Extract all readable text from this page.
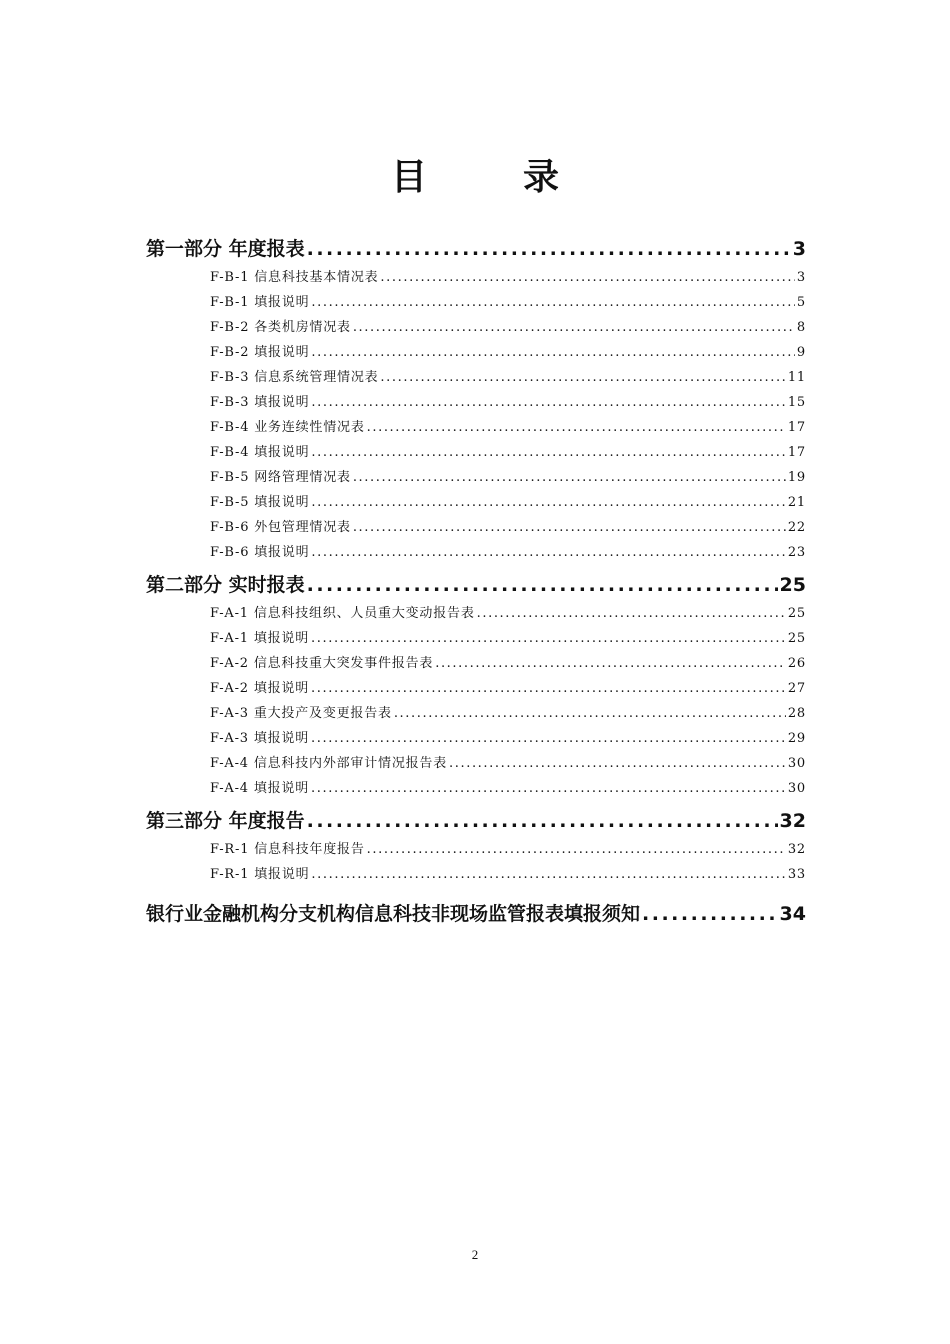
目　录
第一部分 年度报表 .....	3
F-B-1 信息科技基本情况表 .....	3
F-B-1 填报说明 .....	5
F-B-2 各类机房情况表 .....	8
F-B-2 填报说明 .....	9
F-B-3 信息系统管理情况表 .....	11
F-B-3 填报说明 .....	15
F-B-4 业务连续性情况表 .....	17
F-B-4 填报说明 .....	17
F-B-5 网络管理情况表 .....	19
F-B-5 填报说明 .....	21
F-B-6 外包管理情况表 .....	22
F-B-6 填报说明 .....	23
第二部分 实时报表 .....	25
F-A-1 信息科技组织、人员重大变动报告表 .....	25
F-A-1 填报说明 .....	25
F-A-2 信息科技重大突发事件报告表 .....	26
F-A-2 填报说明 .....	27
F-A-3 重大投产及变更报告表 .....	28
F-A-3 填报说明 .....	29
F-A-4 信息科技内外部审计情况报告表 .....	30
F-A-4 填报说明 .....	30
第三部分 年度报告 .....	32
F-R-1 信息科技年度报告 .....	32
F-R-1 填报说明 .....	33
银行业金融机构分支机构信息科技非现场监管报表填报须知 .....	34
2
